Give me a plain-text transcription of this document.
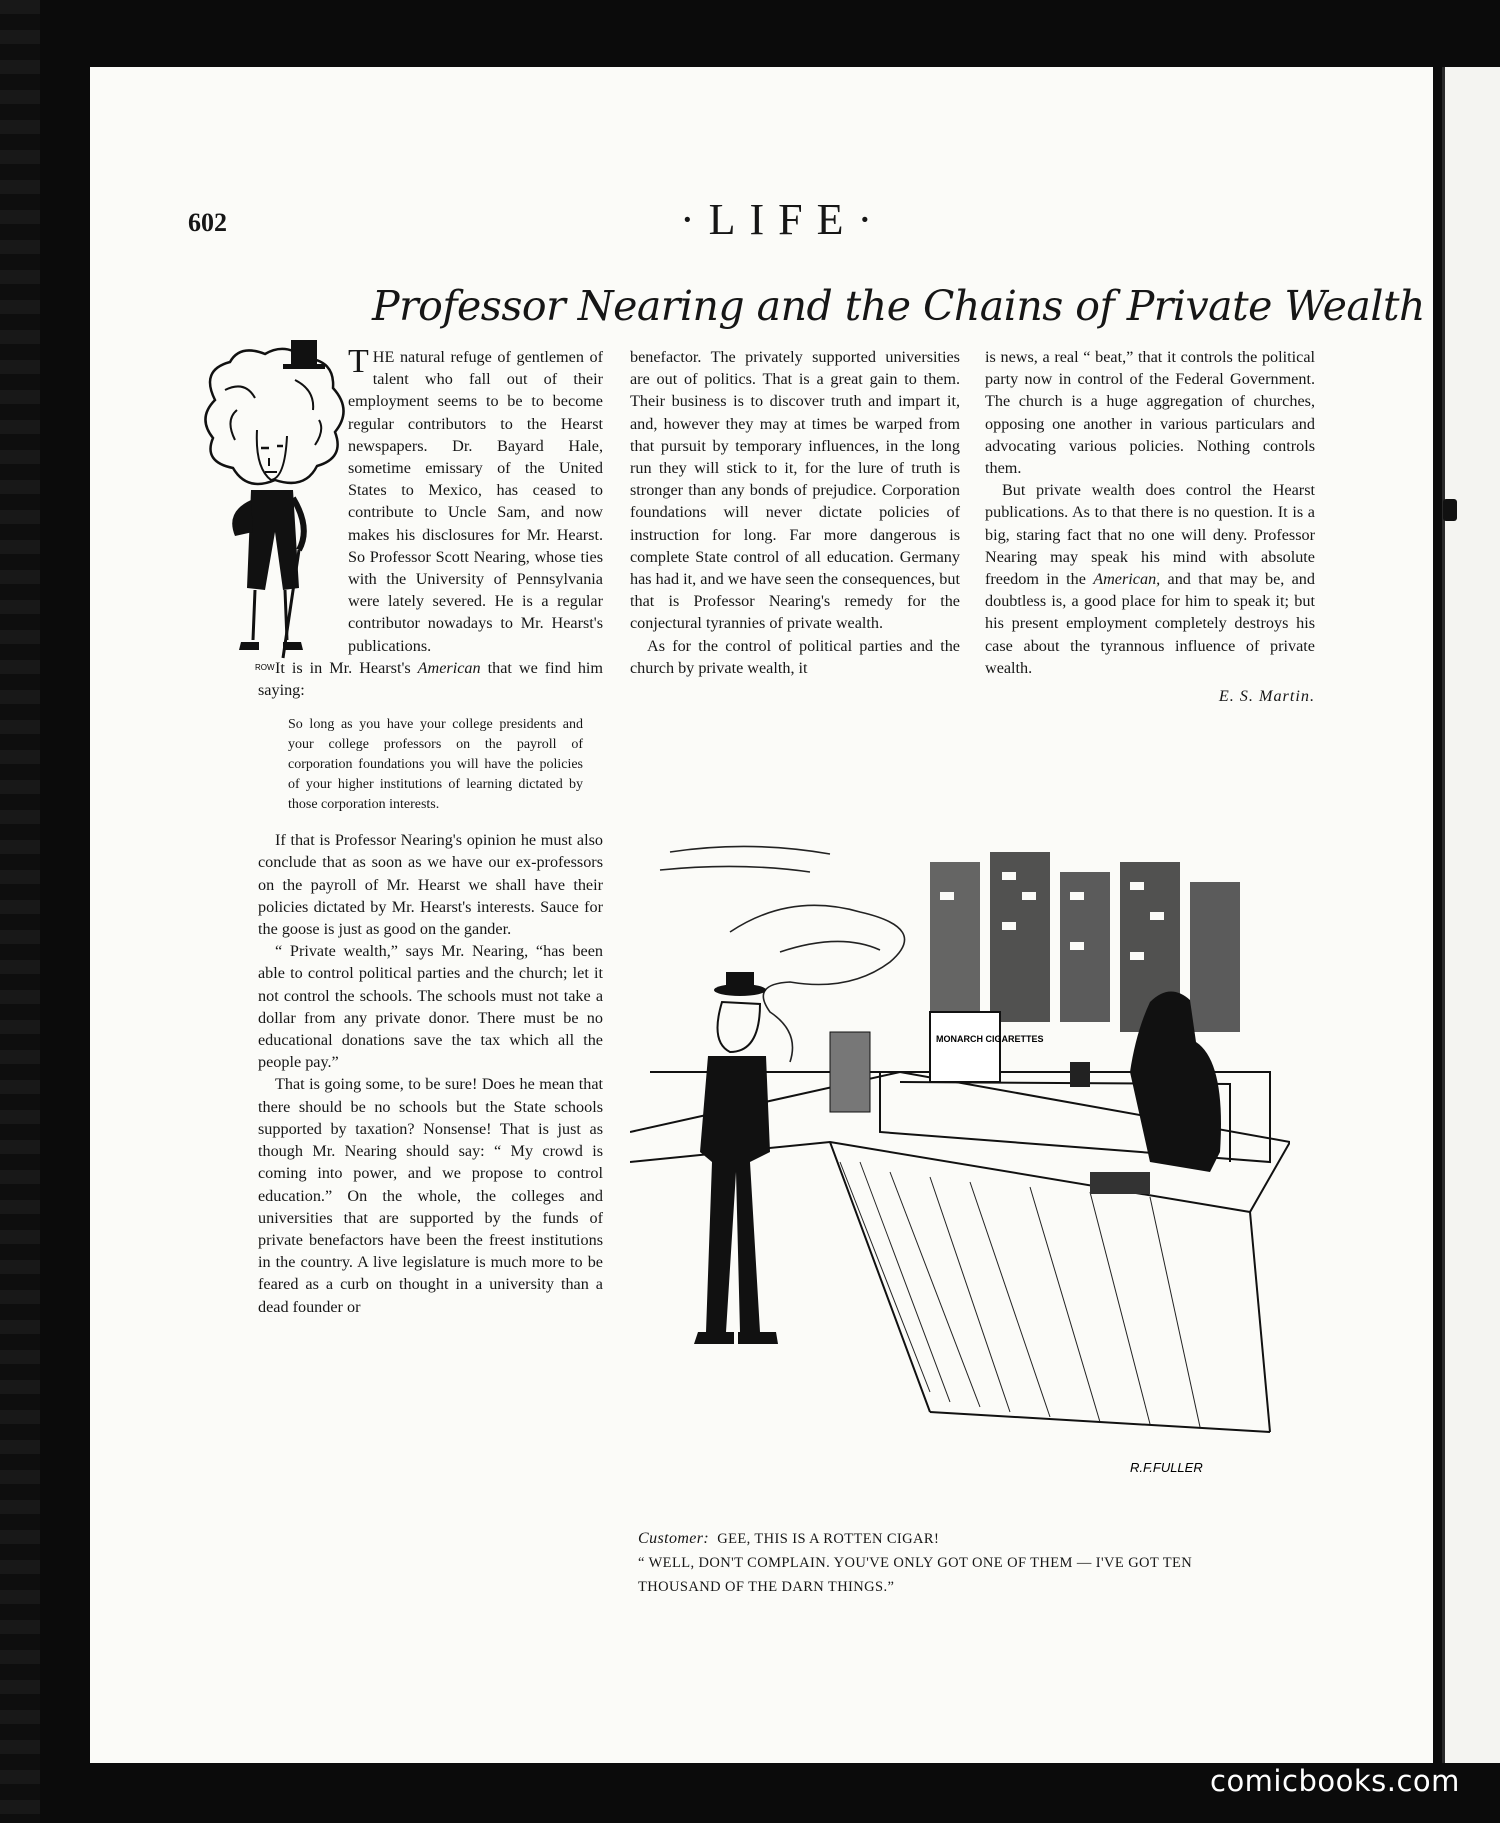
602	·LIFE·
Professor Nearing and the Chains of Private Wealth
ROW

THE natural refuge of gentlemen of talent who fall out of their employment seems to be to become regular contributors to the Hearst newspapers. Dr. Bayard Hale, sometime emissary of the United States to Mexico, has ceased to contribute to Uncle Sam, and now makes his disclosures for Mr. Hearst. So Professor Scott Nearing, whose ties with the University of Pennsylvania were lately severed. He is a regular contributor nowadays to Mr. Hearst's publications.

It is in Mr. Hearst's American that we find him saying:

So long as you have your college presidents and your college professors on the payroll of corporation foundations you will have the policies of your higher institutions of learning dictated by those corporation interests.

If that is Professor Nearing's opinion he must also conclude that as soon as we have our ex-professors on the payroll of Mr. Hearst we shall have their policies dictated by Mr. Hearst's interests. Sauce for the goose is just as good on the gander.

“ Private wealth,” says Mr. Nearing, “has been able to control political parties and the church; let it not control the schools. The schools must not take a dollar from any private donor. There must be no educational donations save the tax which all the people pay.”

That is going some, to be sure! Does he mean that there should be no schools but the State schools supported by taxation? Nonsense! That is just as though Mr. Nearing should say: “ My crowd is coming into power, and we propose to control education.” On the whole, the colleges and universities that are supported by the funds of private benefactors have been the freest institutions in the country. A live legislature is much more to be feared as a curb on thought in a university than a dead founder or

benefactor. The privately supported universities are out of politics. That is a great gain to them. Their business is to discover truth and impart it, and, however they may at times be warped from that pursuit by temporary influences, in the long run they will stick to it, for the lure of truth is stronger than any bonds of prejudice. Corporation foundations will never dictate policies of instruction for long. Far more dangerous is complete State control of all education. Germany has had it, and we have seen the consequences, but that is Professor Nearing's remedy for the conjectural tyrannies of private wealth.

As for the control of political parties and the church by private wealth, it

is news, a real “ beat,” that it controls the political party now in control of the Federal Government. The church is a huge aggregation of churches, opposing one another in various particulars and advocating various policies. Nothing controls them.

But private wealth does control the Hearst publications. As to that there is no question. It is a big, staring fact that no one will deny. Professor Nearing may speak his mind with absolute freedom in the American, and that may be, and doubtless is, a good place for him to speak it; but his present employment completely destroys his case about the tyrannous influence of private wealth.

E. S. Martin.
MONARCH CIGARETTES
R.F.FULLER
Customer: GEE, THIS IS A ROTTEN CIGAR!
“ WELL, DON'T COMPLAIN. YOU'VE ONLY GOT ONE OF THEM — I'VE GOT TEN THOUSAND OF THE DARN THINGS.”
comicbooks.com
